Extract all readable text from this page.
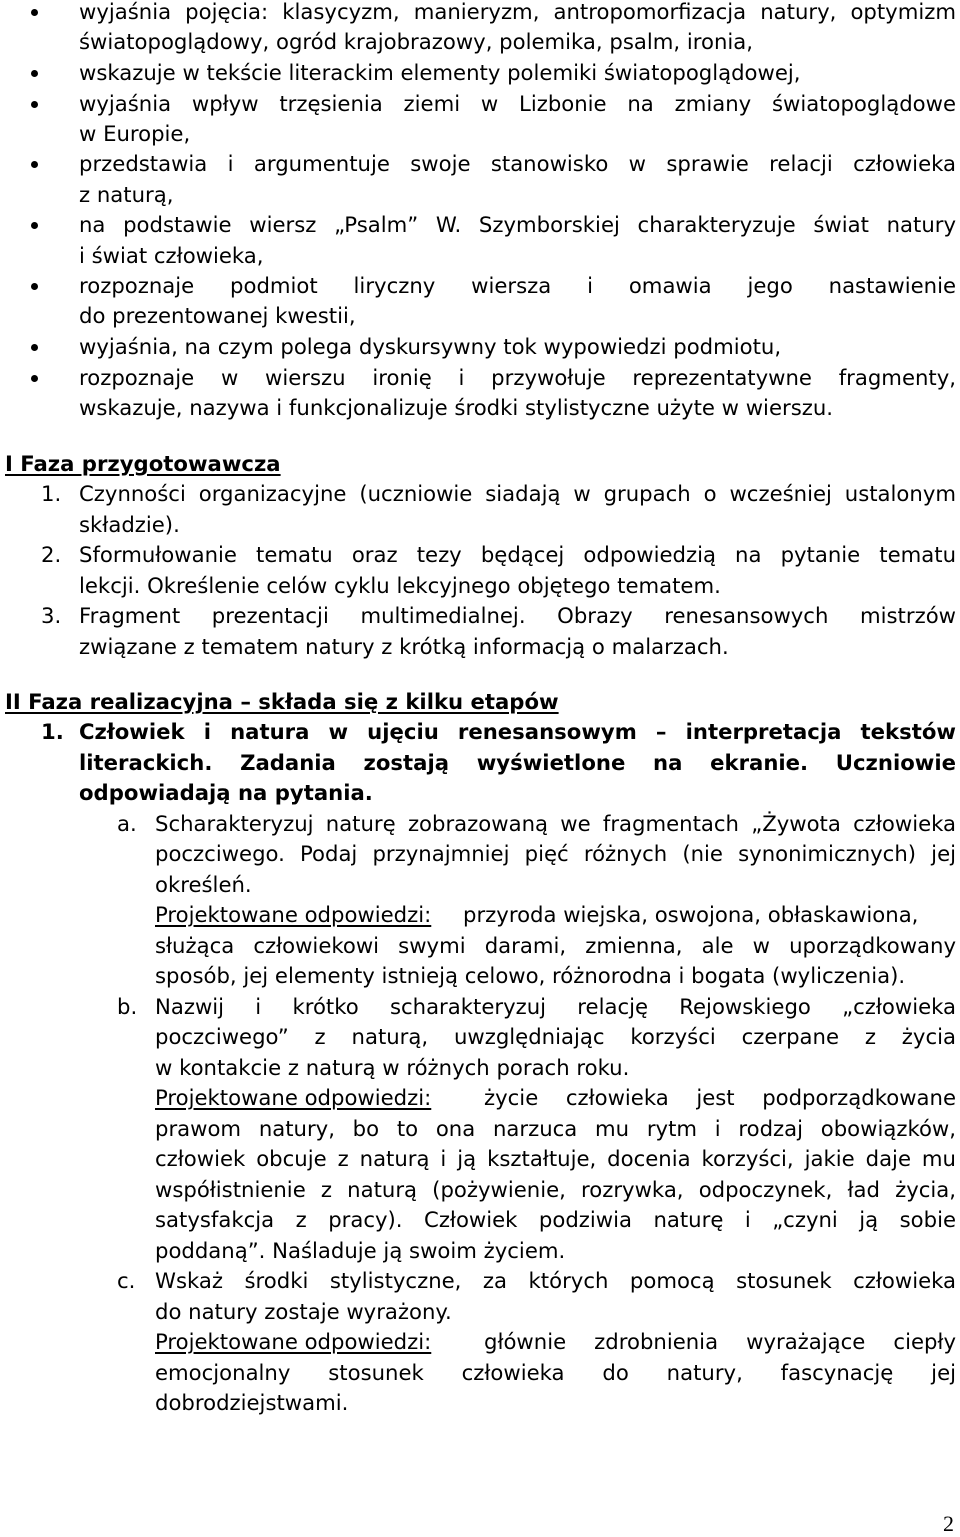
wyjaśnia pojęcia: klasycyzm, manieryzm, antropomorfizacja natury, optymizm
światopoglądowy, ogród krajobrazowy, polemika, psalm, ironia,
wskazuje w tekście literackim elementy polemiki światopoglądowej,
wyjaśnia wpływ trzęsienia ziemi w Lizbonie na zmiany światopoglądowe
w Europie,
przedstawia i argumentuje swoje stanowisko w sprawie relacji człowieka
z naturą,
na podstawie wiersz „Psalm” W. Szymborskiej charakteryzuje świat natury
i świat człowieka,
rozpoznaje podmiot liryczny wiersza i omawia jego nastawienie
do prezentowanej kwestii,
wyjaśnia, na czym polega dyskursywny tok wypowiedzi podmiotu,
rozpoznaje w wierszu ironię i przywołuje reprezentatywne fragmenty,
wskazuje, nazywa i funkcjonalizuje środki stylistyczne użyte w wierszu.
I Faza przygotowawcza
1. Czynności organizacyjne (uczniowie siadają w grupach o wcześniej ustalonym
składzie).
2. Sformułowanie tematu oraz tezy będącej odpowiedzią na pytanie tematu
lekcji. Określenie celów cyklu lekcyjnego objętego tematem.
3. Fragment prezentacji multimedialnej. Obrazy renesansowych mistrzów
związane z tematem natury z krótką informacją o malarzach.
II Faza realizacyjna – składa się z kilku etapów
1. Człowiek i natura w ujęciu renesansowym – interpretacja tekstów
literackich. Zadania zostają wyświetlone na ekranie. Uczniowie
odpowiadają na pytania.
a. Scharakteryzuj naturę zobrazowaną we fragmentach „Żywota człowieka
poczciwego. Podaj przynajmniej pięć różnych (nie synonimicznych) jej
określeń.
Projektowane odpowiedzi: przyroda wiejska, oswojona, obłaskawiona,
służąca człowiekowi swymi darami, zmienna, ale w uporządkowany
sposób, jej elementy istnieją celowo, różnorodna i bogata (wyliczenia).
b. Nazwij i krótko scharakteryzuj relację Rejowskiego „człowieka
poczciwego” z naturą, uwzględniając korzyści czerpane z życia
w kontakcie z naturą w różnych porach roku.
Projektowane odpowiedzi: życie człowieka jest podporządkowane
prawom natury, bo to ona narzuca mu rytm i rodzaj obowiązków,
człowiek obcuje z naturą i ją kształtuje, docenia korzyści, jakie daje mu
współistnienie z naturą (pożywienie, rozrywka, odpoczynek, ład życia,
satysfakcja z pracy). Człowiek podziwia naturę i „czyni ją sobie
poddaną”. Naśladuje ją swoim życiem.
c. Wskaż środki stylistyczne, za których pomocą stosunek człowieka
do natury zostaje wyrażony.
Projektowane odpowiedzi: głównie zdrobnienia wyrażające ciepły
emocjonalny stosunek człowieka do natury, fascynację jej
dobrodziejstwami.
2
